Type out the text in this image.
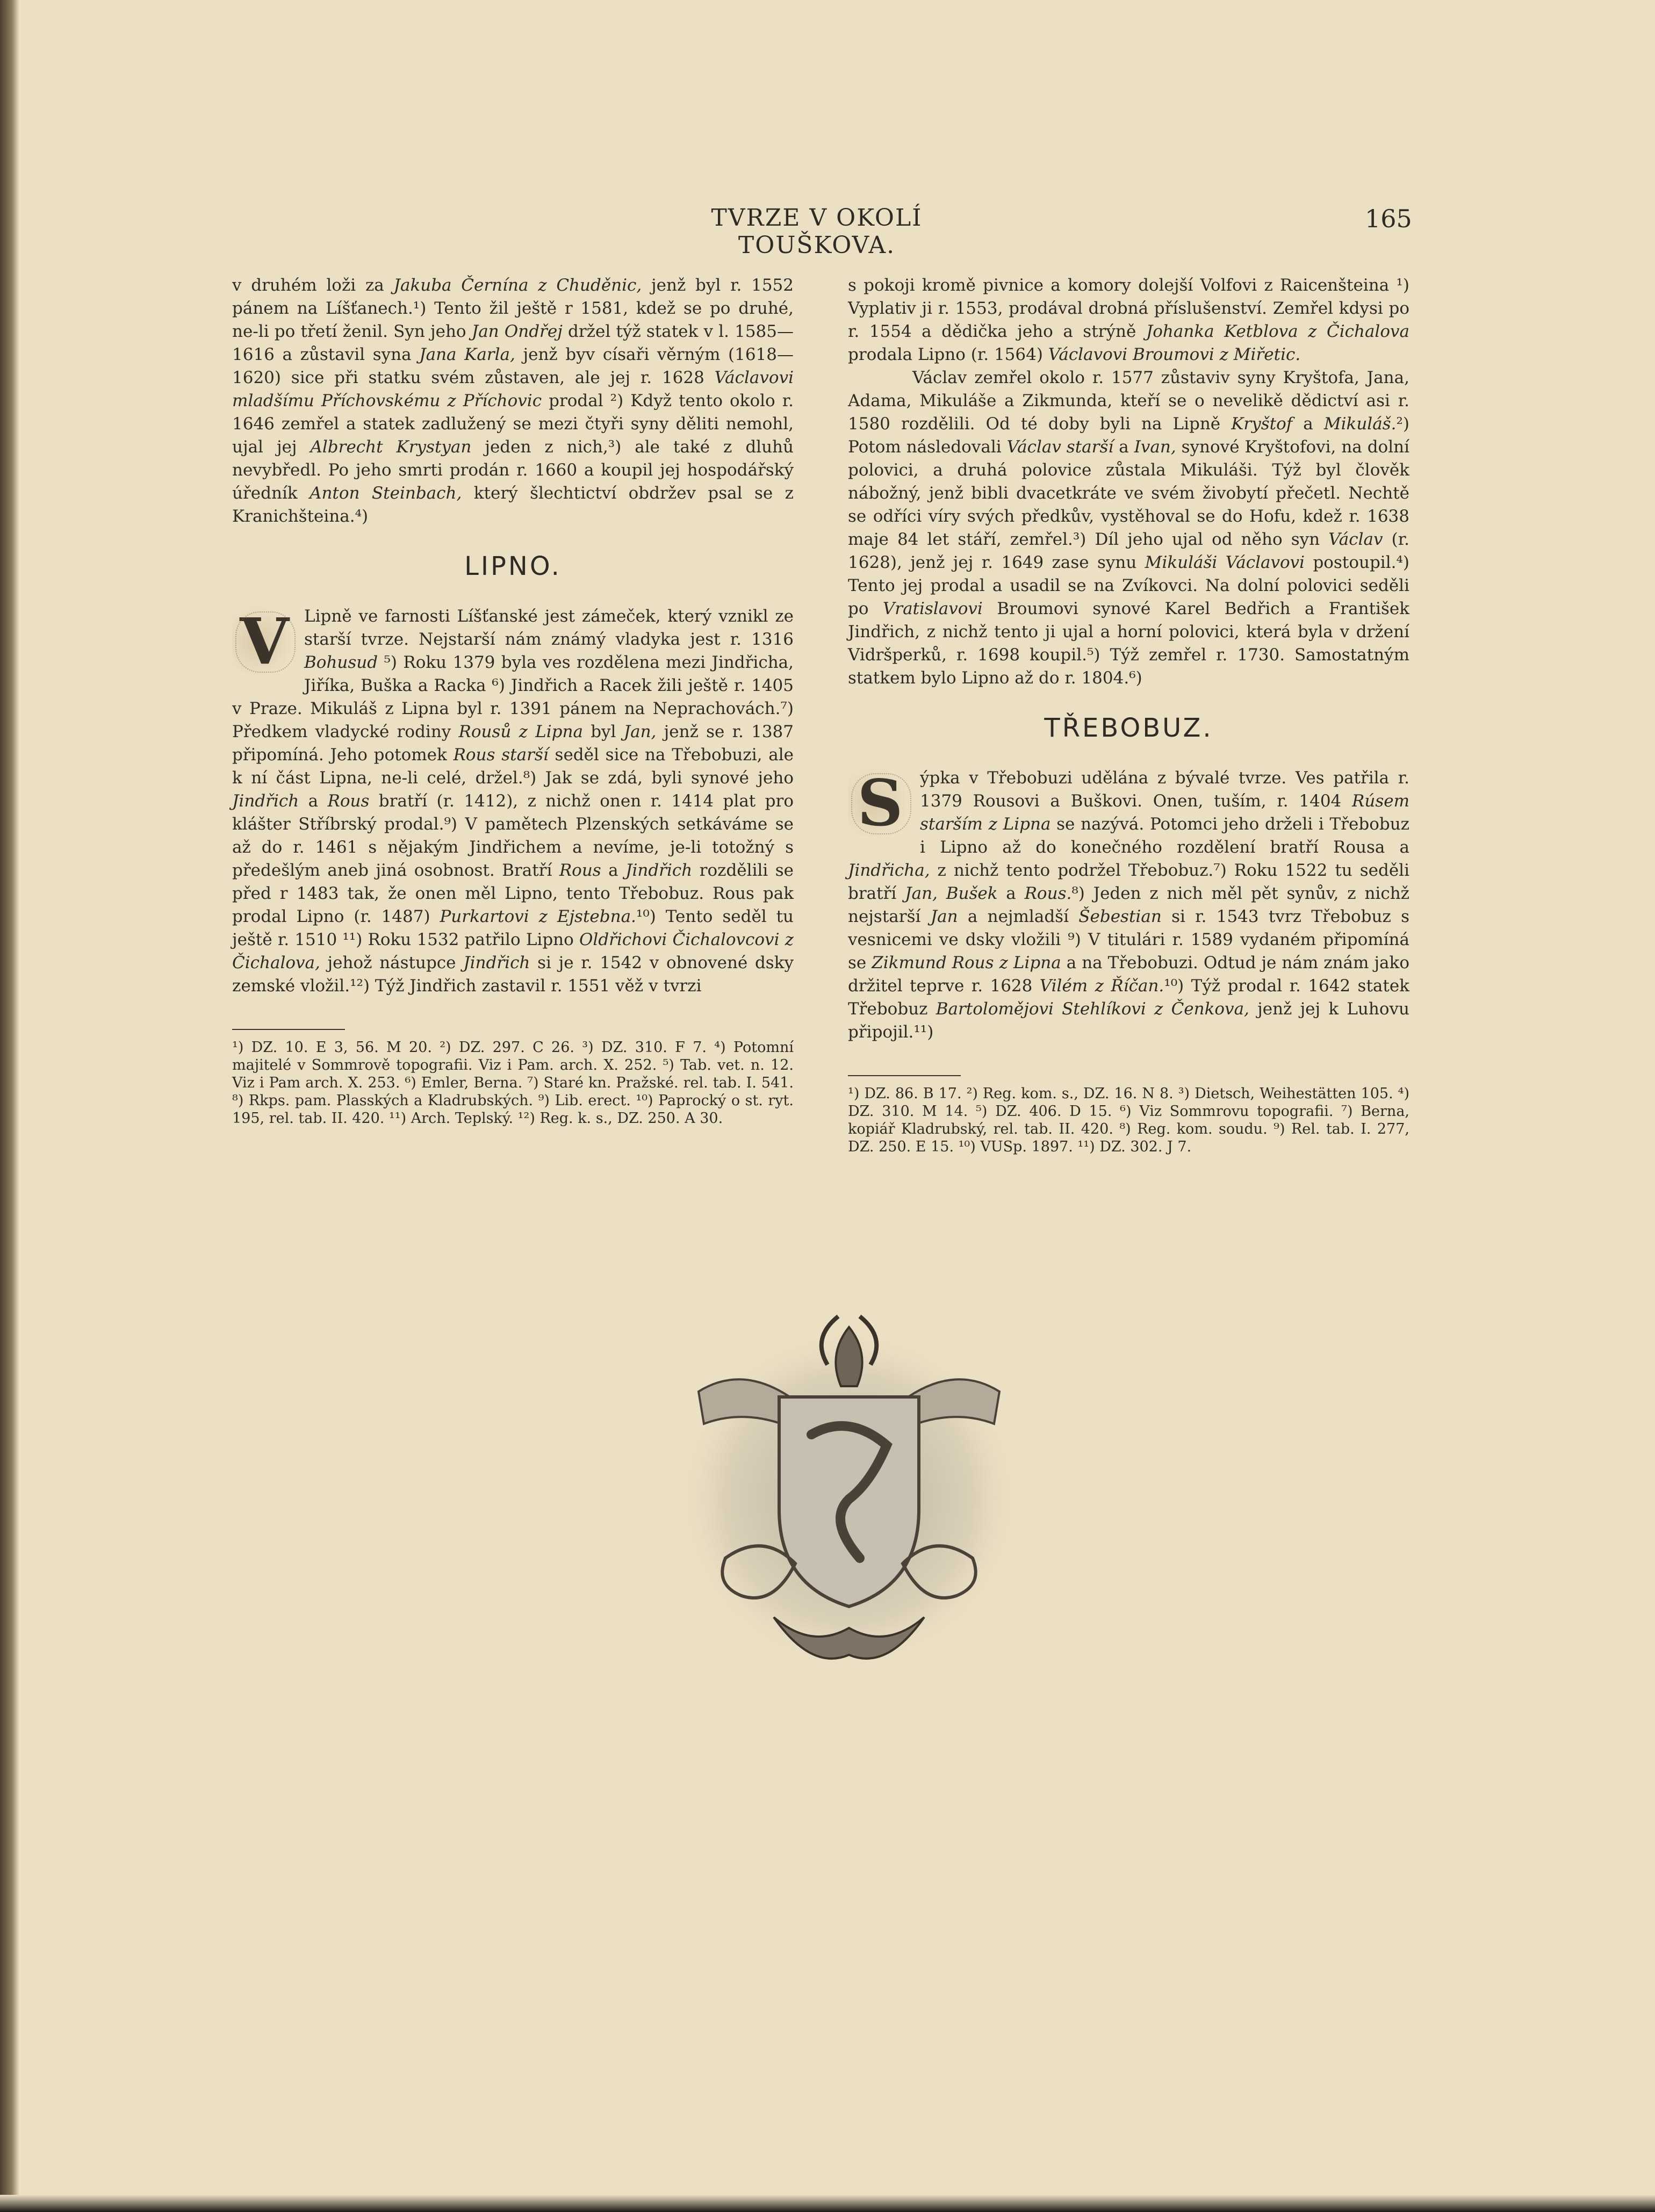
TVRZE V OKOLÍ TOUŠKOVA.
165

v druhém loži za Jakuba Černína z Chuděnic, jenž byl r. 1552 pánem na Líšťanech.¹) Tento žil ještě r 1581, kdež se po druhé, ne-li po třetí ženil. Syn jeho Jan Ondřej držel týž statek v l. 1585—1616 a zůstavil syna Jana Karla, jenž byv císaři věrným (1618—1620) sice při statku svém zůstaven, ale jej r. 1628 Václavovi mladšímu Příchovskému z Příchovic prodal ²) Když tento okolo r. 1646 zemřel a statek zadlužený se mezi čtyři syny děliti nemohl, ujal jej Albrecht Krystyan jeden z nich,³) ale také z dluhů nevybředl. Po jeho smrti prodán r. 1660 a koupil jej hospodářský úředník Anton Steinbach, který šlechtictví obdržev psal se z Kranichšteina.⁴)

LIPNO.

V Lipně ve farnosti Líšťanské jest zámeček, který vznikl ze starší tvrze. Nejstarší nám známý vladyka jest r. 1316 Bohusud ⁵) Roku 1379 byla ves rozdělena mezi Jindřicha, Jiříka, Buška a Racka ⁶) Jindřich a Racek žili ještě r. 1405 v Praze. Mikuláš z Lipna byl r. 1391 pánem na Neprachovách.⁷) Předkem vladycké rodiny Rousů z Lipna byl Jan, jenž se r. 1387 připomíná. Jeho potomek Rous starší seděl sice na Třebobuzi, ale k ní část Lipna, ne-li celé, držel.⁸) Jak se zdá, byli synové jeho Jindřich a Rous bratří (r. 1412), z nichž onen r. 1414 plat pro klášter Stříbrský prodal.⁹) V pamětech Plzenských setkáváme se až do r. 1461 s nějakým Jindřichem a nevíme, je-li totožný s předešlým aneb jiná osobnost. Bratří Rous a Jindřich rozdělili se před r 1483 tak, že onen měl Lipno, tento Třebobuz. Rous pak prodal Lipno (r. 1487) Purkartovi z Ejstebna.¹⁰) Tento seděl tu ještě r. 1510 ¹¹) Roku 1532 patřilo Lipno Oldřichovi Čichalovcovi z Čichalova, jehož nástupce Jindřich si je r. 1542 v obnovené dsky zemské vložil.¹²) Týž Jindřich zastavil r. 1551 věž v tvrzi

¹) DZ. 10. E 3, 56. M 20. ²) DZ. 297. C 26. ³) DZ. 310. F 7. ⁴) Potomní majitelé v Sommrově topografii. Viz i Pam. arch. X. 252. ⁵) Tab. vet. n. 12. Viz i Pam arch. X. 253. ⁶) Emler, Berna. ⁷) Staré kn. Pražské. rel. tab. I. 541. ⁸) Rkps. pam. Plasských a Kladrubských. ⁹) Lib. erect. ¹⁰) Paprocký o st. ryt. 195, rel. tab. II. 420. ¹¹) Arch. Teplský. ¹²) Reg. k. s., DZ. 250. A 30.

s pokoji kromě pivnice a komory dolejší Volfovi z Raicenšteina ¹) Vyplativ ji r. 1553, prodával drobná příslušenství. Zemřel kdysi po r. 1554 a dědička jeho a strýně Johanka Ketblova z Čichalova prodala Lipno (r. 1564) Václavovi Broumovi z Miřetic.

Václav zemřel okolo r. 1577 zůstaviv syny Kryštofa, Jana, Adama, Mikuláše a Zikmunda, kteří se o nevelikě dědictví asi r. 1580 rozdělili. Od té doby byli na Lipně Kryštof a Mikuláš.²) Potom následovali Václav starší a Ivan, synové Kryštofovi, na dolní polovici, a druhá polovice zůstala Mikuláši. Týž byl člověk nábožný, jenž bibli dvacetkráte ve svém živobytí přečetl. Nechtě se odříci víry svých předkův, vystěhoval se do Hofu, kdež r. 1638 maje 84 let stáří, zemřel.³) Díl jeho ujal od něho syn Václav (r. 1628), jenž jej r. 1649 zase synu Mikuláši Václavovi postoupil.⁴) Tento jej prodal a usadil se na Zvíkovci. Na dolní polovici seděli po Vratislavovi Broumovi synové Karel Bedřich a František Jindřich, z nichž tento ji ujal a horní polovici, která byla v držení Vidršperků, r. 1698 koupil.⁵) Týž zemřel r. 1730. Samostatným statkem bylo Lipno až do r. 1804.⁶)

TŘEBOBUZ.

S	ýpka v Třebobuzi udělána z bývalé tvrze. Ves patřila r. 1379 Rousovi a Buškovi. Onen, tuším, r. 1404 Rúsem starším z Lipna se nazývá. Potomci jeho drželi i Třebobuz i Lipno až do konečného rozdělení bratří Rousa a Jindřicha, z nichž tento podržel Třebobuz.⁷) Roku 1522 tu seděli bratří Jan, Bušek a Rous.⁸) Jeden z nich měl pět synův, z nichž nejstarší Jan a nejmladší Šebestian si r. 1543 tvrz Třebobuz s vesnicemi ve dsky vložili ⁹) V titulári r. 1589 vydaném připomíná se Zikmund Rous z Lipna a na Třebobuzi. Odtud je nám znám jako držitel teprve r. 1628 Vilém z Říčan.¹⁰) Týž prodal r. 1642 statek Třebobuz Bartolomějovi Stehlíkovi z Čenkova, jenž jej k Luhovu připojil.¹¹)

¹) DZ. 86. B 17. ²) Reg. kom. s., DZ. 16. N 8. ³) Dietsch, Weihestätten 105. ⁴) DZ. 310. M 14. ⁵) DZ. 406. D 15. ⁶) Viz Sommrovu topografii. ⁷) Berna, kopiář Kladrubský, rel. tab. II. 420. ⁸) Reg. kom. soudu. ⁹) Rel. tab. I. 277, DZ. 250. E 15. ¹⁰) VUSp. 1897. ¹¹) DZ. 302. J 7.
